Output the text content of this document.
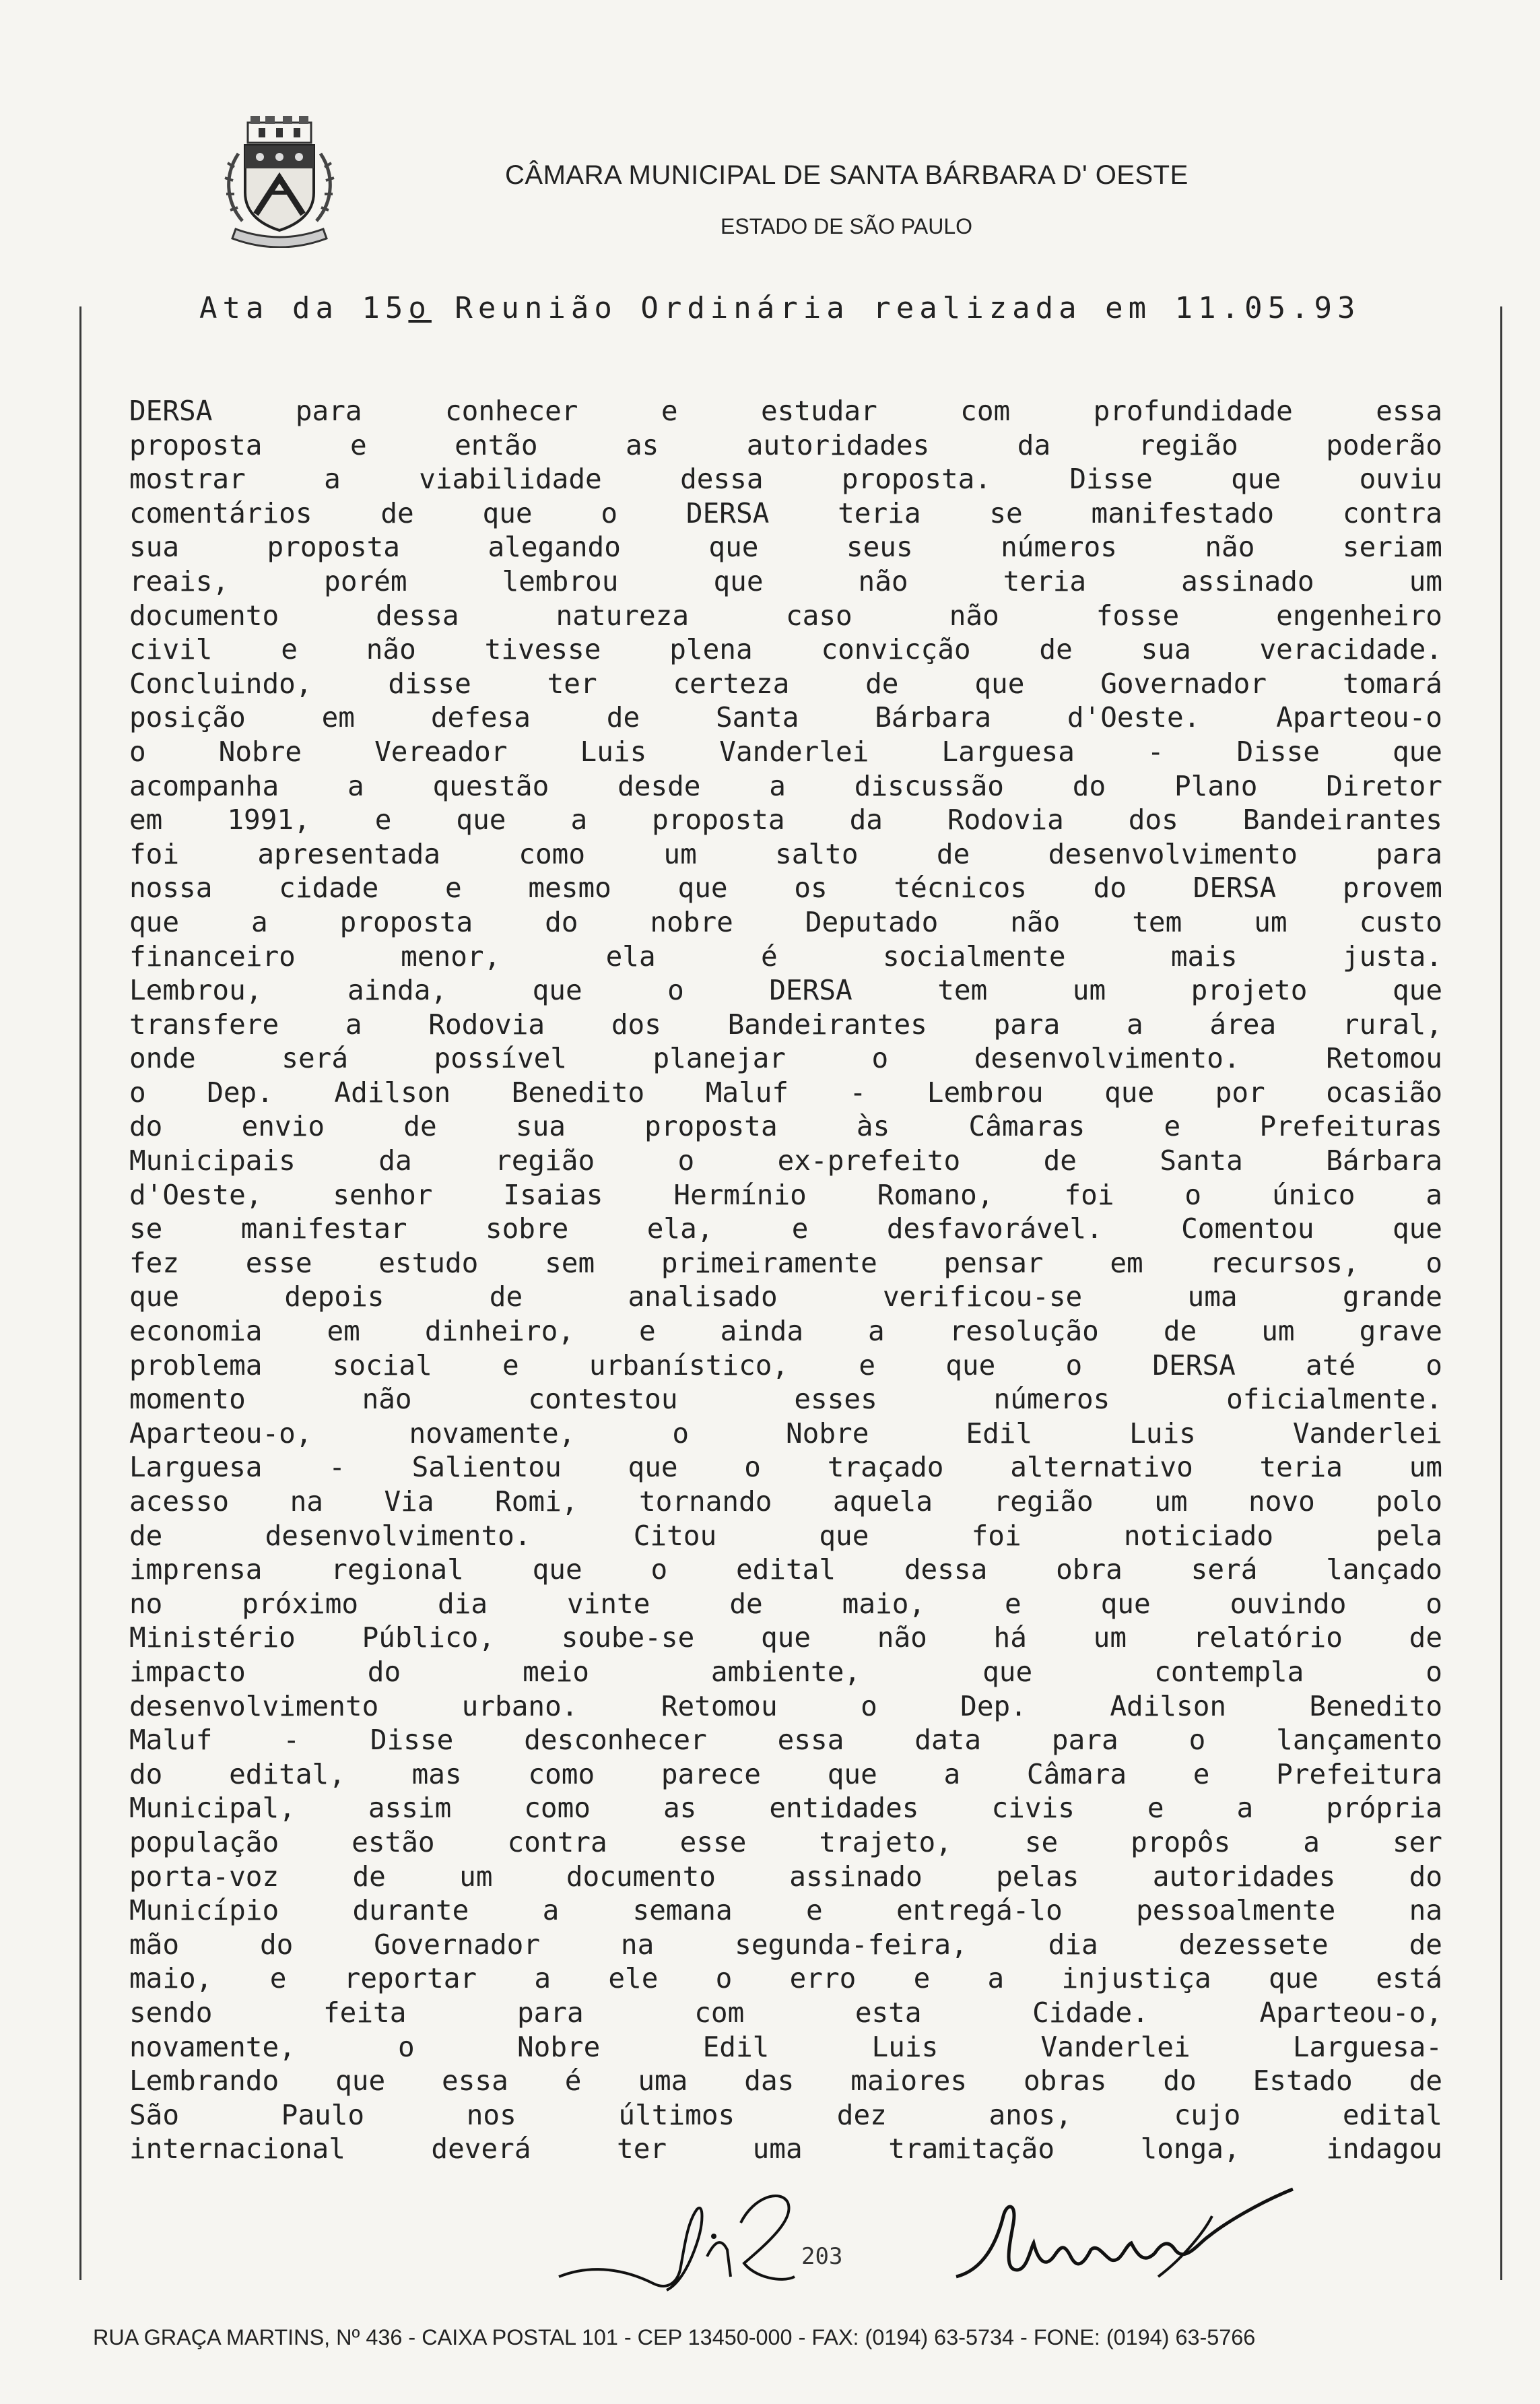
CÂMARA MUNICIPAL DE SANTA BÁRBARA D' OESTE
ESTADO DE SÃO PAULO
Ata da 15o Reunião Ordinária realizada em 11.05.93
DERSA para conhecer e estudar com profundidade essa
proposta e então as autoridades da região poderão
mostrar a viabilidade dessa proposta. Disse que ouviu
comentários de que o DERSA teria se manifestado contra
sua proposta alegando que seus números não seriam
reais, porém lembrou que não teria assinado um
documento dessa natureza caso não fosse engenheiro
civil e não tivesse plena convicção de sua veracidade.
Concluindo, disse ter certeza de que Governador tomará
posição em defesa de Santa Bárbara d'Oeste. Aparteou-o
o Nobre Vereador Luis Vanderlei Larguesa - Disse que
acompanha a questão desde a discussão do Plano Diretor
em 1991, e que a proposta da Rodovia dos Bandeirantes
foi apresentada como um salto de desenvolvimento para
nossa cidade e mesmo que os técnicos do DERSA provem
que a proposta do nobre Deputado não tem um custo
financeiro menor, ela é socialmente mais justa.
Lembrou, ainda, que o DERSA tem um projeto que
transfere a Rodovia dos Bandeirantes para a área rural,
onde será possível planejar o desenvolvimento. Retomou
o Dep. Adilson Benedito Maluf - Lembrou que por ocasião
do envio de sua proposta às Câmaras e Prefeituras
Municipais da região o ex-prefeito de Santa Bárbara
d'Oeste, senhor Isaias Hermínio Romano, foi o único a
se manifestar sobre ela, e desfavorável. Comentou que
fez esse estudo sem primeiramente pensar em recursos, o
que depois de analisado verificou-se uma grande
economia em dinheiro, e ainda a resolução de um grave
problema social e urbanístico, e que o DERSA até o
momento não contestou esses números oficialmente.
Aparteou-o, novamente, o Nobre Edil Luis Vanderlei
Larguesa - Salientou que o traçado alternativo teria um
acesso na Via Romi, tornando aquela região um novo polo
de desenvolvimento. Citou que foi noticiado pela
imprensa regional que o edital dessa obra será lançado
no próximo dia vinte de maio, e que ouvindo o
Ministério Público, soube-se que não há um relatório de
impacto do meio ambiente, que contempla o
desenvolvimento urbano. Retomou o Dep. Adilson Benedito
Maluf - Disse desconhecer essa data para o lançamento
do edital, mas como parece que a Câmara e Prefeitura
Municipal, assim como as entidades civis e a própria
população estão contra esse trajeto, se propôs a ser
porta-voz de um documento assinado pelas autoridades do
Município durante a semana e entregá-lo pessoalmente na
mão do Governador na segunda-feira, dia dezessete de
maio, e reportar a ele o erro e a injustiça que está
sendo feita para com esta Cidade. Aparteou-o,
novamente, o Nobre Edil Luis Vanderlei Larguesa-
Lembrando que essa é uma das maiores obras do Estado de
São Paulo nos últimos dez anos, cujo edital
internacional deverá ter uma tramitação longa, indagou
203
RUA GRAÇA MARTINS, Nº 436 - CAIXA POSTAL 101 - CEP 13450-000 - FAX: (0194) 63-5734 - FONE: (0194) 63-5766
